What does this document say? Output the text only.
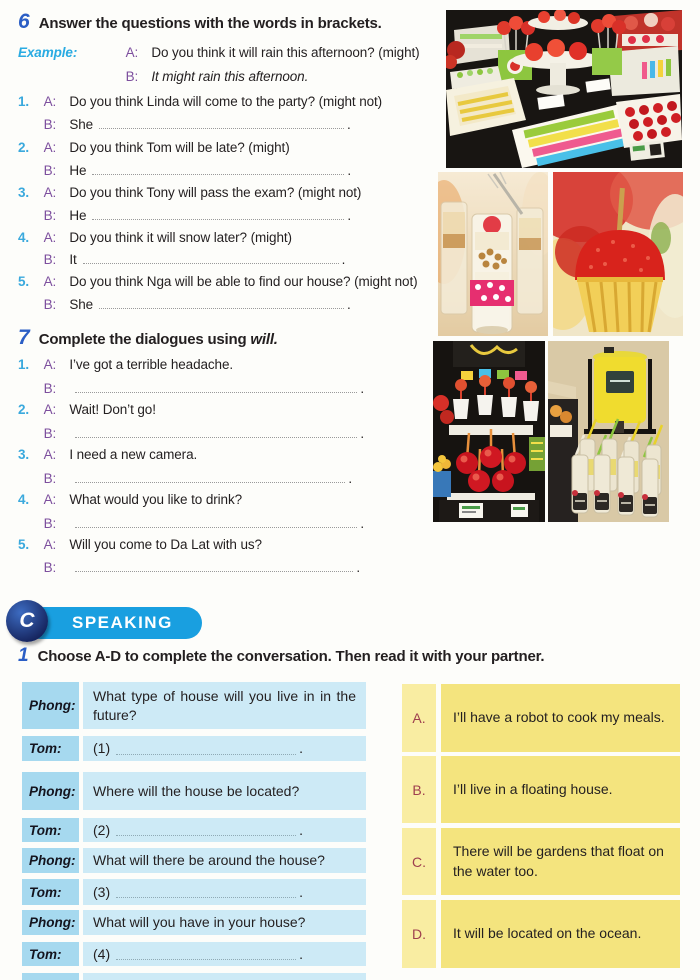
6 Answer the questions with the words in brackets.
Example:	A: Do you think it will rain this afternoon? (might)
B: It might rain this afternoon.
1. A: Do you think Linda will come to the party? (might not)
B: She	.
2. A: Do you think Tom will be late? (might)
B: He	.
3. A: Do you think Tony will pass the exam? (might not)
B: He	.
4. A: Do you think it will snow later? (might)
B: It	.
5. A: Do you think Nga will be able to find our house? (might not)
B: She	.
7 Complete the dialogues using will.
1. A: I’ve got a terrible headache.
B:	.
2. A: Wait! Don’t go!
B:	.
3. A: I need a new camera.
B:	.
4. A: What would you like to drink?
B:	.
5. A: Will you come to Da Lat with us?
B:	.
SPEAKING
C
1 Choose A-D to complete the conversation. Then read it with your partner.
Phong:
What type of house will you live in in the future?
Tom:	(1)	.
Phong:	Where will the house be located?
Tom:	(2)	.
Phong:	What will there be around the house?
Tom:	(3)	.
Phong:	What will you have in your house?
Tom:	(4)	.
A.	I’ll have a robot to cook my meals.
B.	I’ll live in a floating house.
C.
There will be gardens that float on the water too.
D.	It will be located on the ocean.
